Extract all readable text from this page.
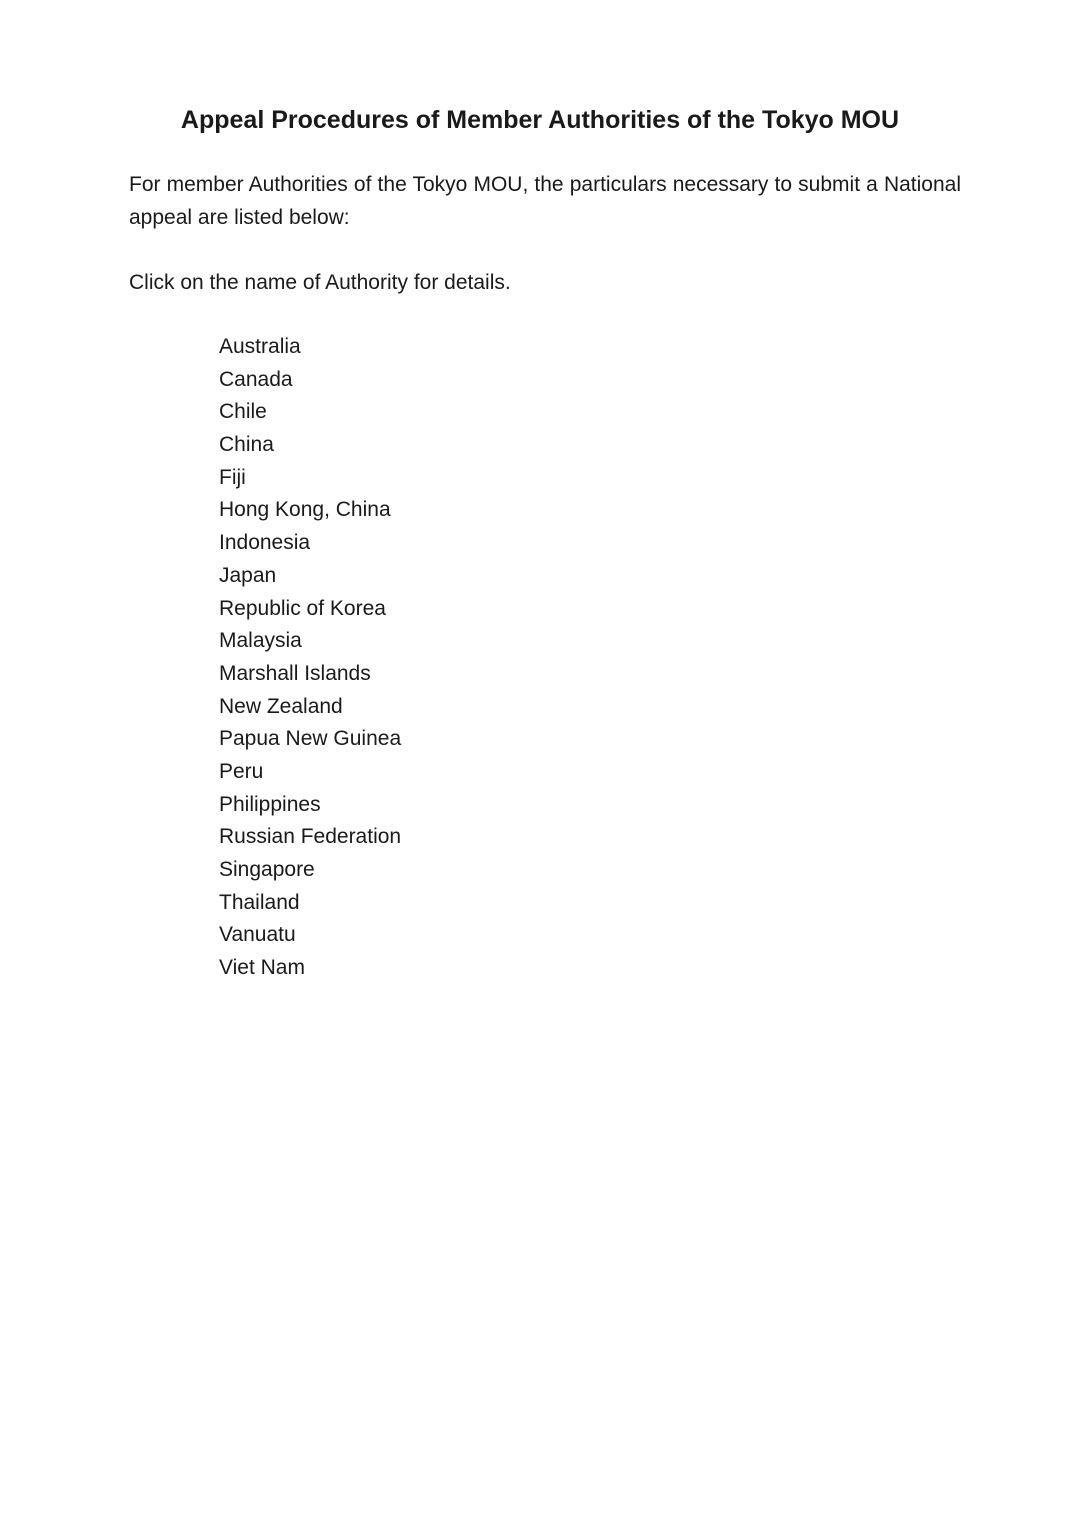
Appeal Procedures of Member Authorities of the Tokyo MOU

For member Authorities of the Tokyo MOU, the particulars necessary to submit a National appeal are listed below:

Click on the name of Authority for details.

Australia
Canada
Chile
China
Fiji
Hong Kong, China
Indonesia
Japan
Republic of Korea
Malaysia
Marshall Islands
New Zealand
Papua New Guinea
Peru
Philippines
Russian Federation
Singapore
Thailand
Vanuatu
Viet Nam
